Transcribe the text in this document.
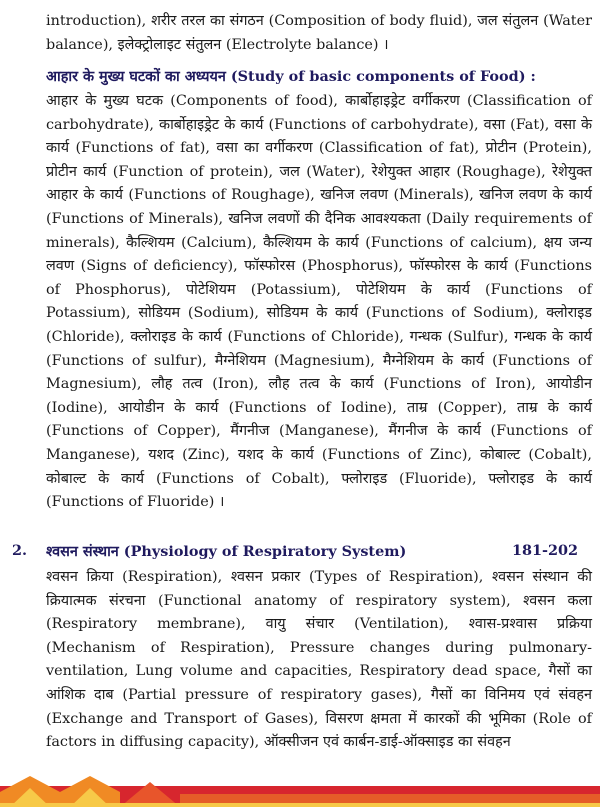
introduction), शरीर तरल का संगठन (Composition of body fluid), जल संतुलन (Water balance), इलेक्ट्रोलाइट संतुलन (Electrolyte balance) ।

आहार के मुख्य घटकों का अध्ययन (Study of basic components of Food) :

आहार के मुख्य घटक (Components of food), कार्बोहाइड्रेट वर्गीकरण (Classification of carbohydrate), कार्बोहाइड्रेट के कार्य (Functions of carbohydrate), वसा (Fat), वसा के कार्य (Functions of fat), वसा का वर्गीकरण (Classification of fat), प्रोटीन (Protein), प्रोटीन कार्य (Function of protein), जल (Water), रेशेयुक्त आहार (Roughage), रेशेयुक्त आहार के कार्य (Functions of Roughage), खनिज लवण (Minerals), खनिज लवण के कार्य (Functions of Minerals), खनिज लवणों की दैनिक आवश्यकता (Daily requirements of minerals), कैल्शियम (Calcium), कैल्शियम के कार्य (Functions of calcium), क्षय जन्य लवण (Signs of deficiency), फॉस्फोरस (Phosphorus), फॉस्फोरस के कार्य (Functions of Phosphorus), पोटेशियम (Potassium), पोटेशियम के कार्य (Functions of Potassium), सोडियम (Sodium), सोडियम के कार्य (Functions of Sodium), क्लोराइड (Chloride), क्लोराइड के कार्य (Functions of Chloride), गन्धक (Sulfur), गन्धक के कार्य (Functions of sulfur), मैग्नेशियम (Magnesium), मैग्नेशियम के कार्य (Functions of Magnesium), लौह तत्व (Iron), लौह तत्व के कार्य (Functions of Iron), आयोडीन (Iodine), आयोडीन के कार्य (Functions of Iodine), ताम्र (Copper), ताम्र के कार्य (Functions of Copper), मैंगनीज (Manganese), मैंगनीज के कार्य (Functions of Manganese), यशद (Zinc), यशद के कार्य (Functions of Zinc), कोबाल्ट (Cobalt), कोबाल्ट के कार्य (Functions of Cobalt), फ्लोराइड (Fluoride), फ्लोराइड के कार्य (Functions of Fluoride) ।

2. श्वसन संस्थान (Physiology of Respiratory System)	181-202

श्वसन क्रिया (Respiration), श्वसन प्रकार (Types of Respiration), श्वसन संस्थान की क्रियात्मक संरचना (Functional anatomy of respiratory system), श्वसन कला (Respiratory membrane), वायु संचार (Ventilation), श्वास-प्रश्वास प्रक्रिया (Mechanism of Respiration), Pressure changes during pulmonary-ventilation, Lung volume and capacities, Respiratory dead space, गैसों का आंशिक दाब (Partial pressure of respiratory gases), गैसों का विनिमय एवं संवहन (Exchange and Transport of Gases), विसरण क्षमता में कारकों की भूमिका (Role of factors in diffusing capacity), ऑक्सीजन एवं कार्बन-डाई-ऑक्साइड का संवहन
